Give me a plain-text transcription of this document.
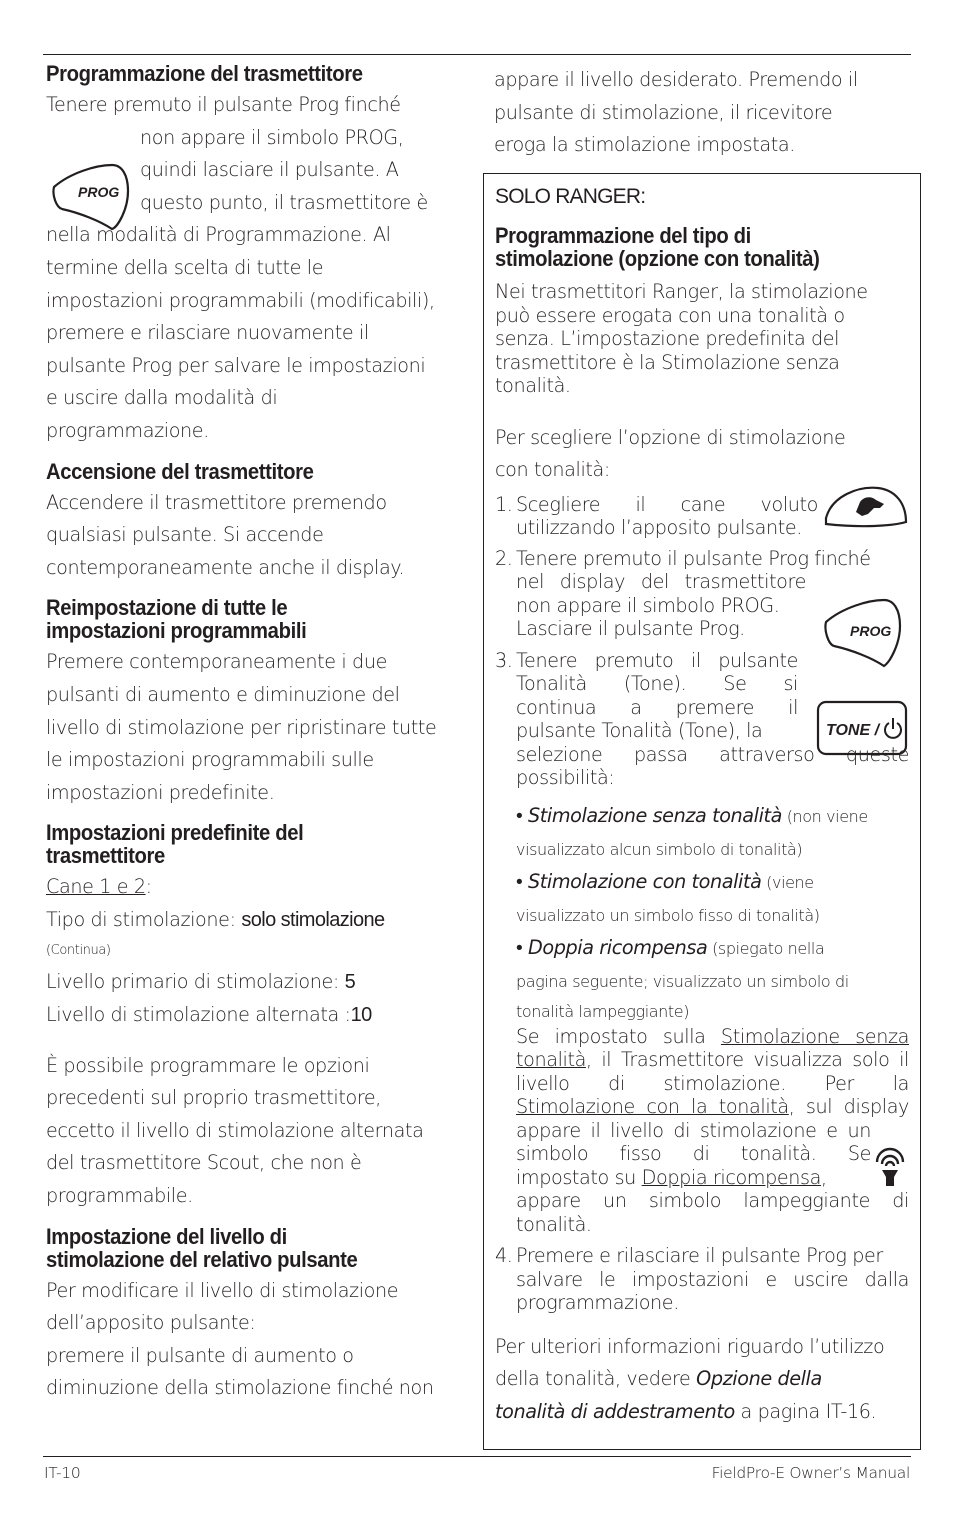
Programmazione del trasmettitore

Tenere premuto il pulsante Prog finché

non appare il simbolo PROG,

quindi lasciare il pulsante. A

questo punto, il trasmettitore è

nella modalità di Programmazione. Al

termine della scelta di tutte le

impostazioni programmabili (modificabili),

premere e rilasciare nuovamente il

pulsante Prog per salvare le impostazioni

e uscire dalla modalità di

programmazione.

PROG
Accensione del trasmettitore

Accendere il trasmettitore premendo

qualsiasi pulsante. Si accende

contemporaneamente anche il display.

Reimpostazione di tutte le
impostazioni programmabili

Premere contemporaneamente i due

pulsanti di aumento e diminuzione del

livello di stimolazione per ripristinare tutte

le impostazioni programmabili sulle

impostazioni predefinite.

Impostazioni predefinite del
trasmettitore

Cane 1 e 2:

Tipo di stimolazione: solo stimolazione

(Continua)

Livello primario di stimolazione: 5

Livello di stimolazione alternata :10

È possibile programmare le opzioni

precedenti sul proprio trasmettitore,

eccetto il livello di stimolazione alternata

del trasmettitore Scout, che non è

programmabile.

Impostazione del livello di
stimolazione del relativo pulsante

Per modificare il livello di stimolazione

dell’apposito pulsante:

premere il pulsante di aumento o

diminuzione della stimolazione finché non

appare il livello desiderato. Premendo il

pulsante di stimolazione, il ricevitore

eroga la stimolazione impostata.

SOLO RANGER:

Programmazione del tipo di
stimolazione (opzione con tonalità)

Nei trasmettitori Ranger, la stimolazione

può essere erogata con una tonalità o

senza. L’impostazione predefinita del

trasmettitore è la Stimolazione senza

tonalità.

Per scegliere l’opzione di stimolazione

con tonalità:

1. Scegliere il cane voluto
utilizzando l’apposito pulsante.
2. Tenere premuto il pulsante Prog finché
nel display del trasmettitore
non appare il simbolo PROG.
Lasciare il pulsante Prog.
3. Tenere premuto il pulsante
Tonalità (Tone). Se si
continua a premere il
pulsante Tonalità (Tone), la
selezione passa attraverso queste
possibilità:
• Stimolazione senza tonalità (non viene
visualizzato alcun simbolo di tonalità)
• Stimolazione con tonalità (viene
visualizzato un simbolo fisso di tonalità)
• Doppia ricompensa (spiegato nella
pagina seguente; visualizzato un simbolo di
tonalità lampeggiante)
Se impostato sulla Stimolazione senza
tonalità, il Trasmettitore visualizza solo il
livello di stimolazione. Per la
Stimolazione con la tonalità, sul display
appare il livello di stimolazione e un
simbolo fisso di tonalità. Se
impostato su Doppia ricompensa,
appare un simbolo lampeggiante di
tonalità.
4. Premere e rilasciare il pulsante Prog per
salvare le impostazioni e uscire dalla
programmazione.

Per ulteriori informazioni riguardo l’utilizzo

della tonalità, vedere Opzione della

tonalità di addestramento a pagina IT-16.

PROG
TONE /
IT-10	FieldPro-E Owner’s Manual
